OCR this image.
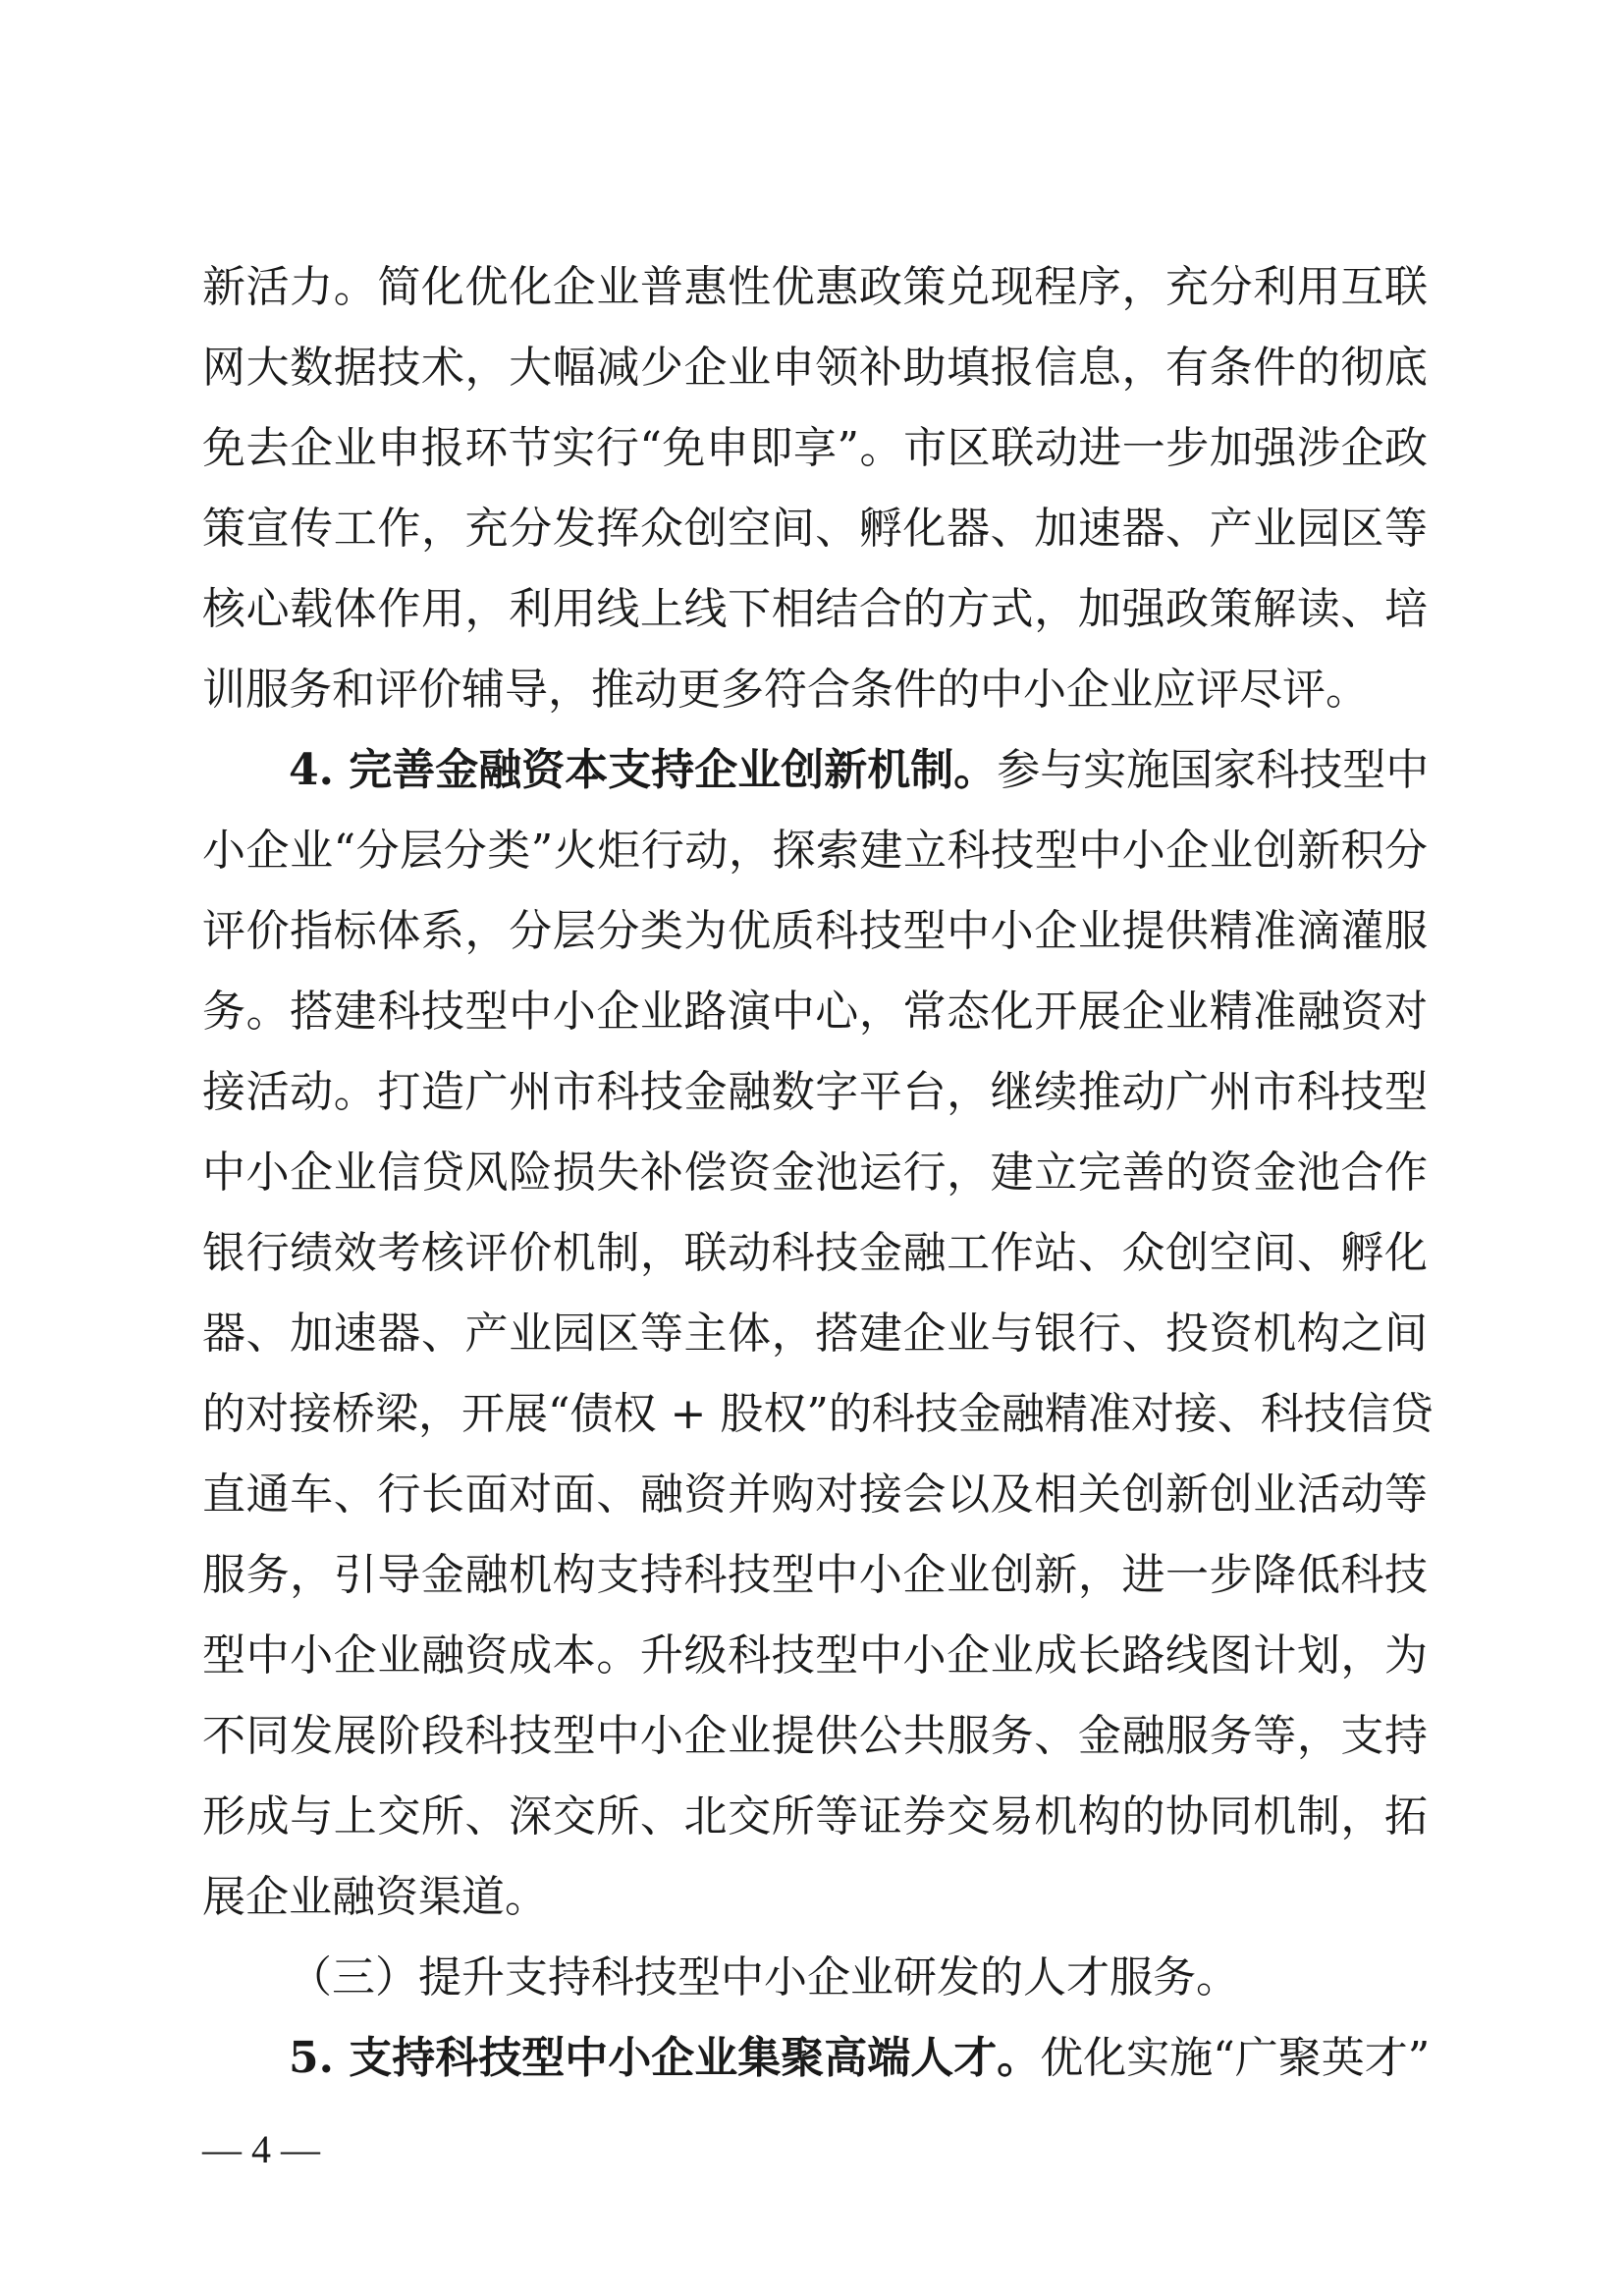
新活力。简化优化企业普惠性优惠政策兑现程序，充分利用互联
网大数据技术，大幅减少企业申领补助填报信息，有条件的彻底
免去企业申报环节实行“免申即享”。市区联动进一步加强涉企政
策宣传工作，充分发挥众创空间、孵化器、加速器、产业园区等
核心载体作用，利用线上线下相结合的方式，加强政策解读、培
训服务和评价辅导，推动更多符合条件的中小企业应评尽评。
4. 完善金融资本支持企业创新机制。参与实施国家科技型中
小企业“分层分类”火炬行动，探索建立科技型中小企业创新积分
评价指标体系，分层分类为优质科技型中小企业提供精准滴灌服
务。搭建科技型中小企业路演中心，常态化开展企业精准融资对
接活动。打造广州市科技金融数字平台，继续推动广州市科技型
中小企业信贷风险损失补偿资金池运行，建立完善的资金池合作
银行绩效考核评价机制，联动科技金融工作站、众创空间、孵化
器、加速器、产业园区等主体，搭建企业与银行、投资机构之间
的对接桥梁，开展“债权 + 股权”的科技金融精准对接、科技信贷
直通车、行长面对面、融资并购对接会以及相关创新创业活动等
服务，引导金融机构支持科技型中小企业创新，进一步降低科技
型中小企业融资成本。升级科技型中小企业成长路线图计划，为
不同发展阶段科技型中小企业提供公共服务、金融服务等，支持
形成与上交所、深交所、北交所等证券交易机构的协同机制，拓
展企业融资渠道。
（三）提升支持科技型中小企业研发的人才服务。
5. 支持科技型中小企业集聚高端人才。优化实施“广聚英才”
— 4 —
